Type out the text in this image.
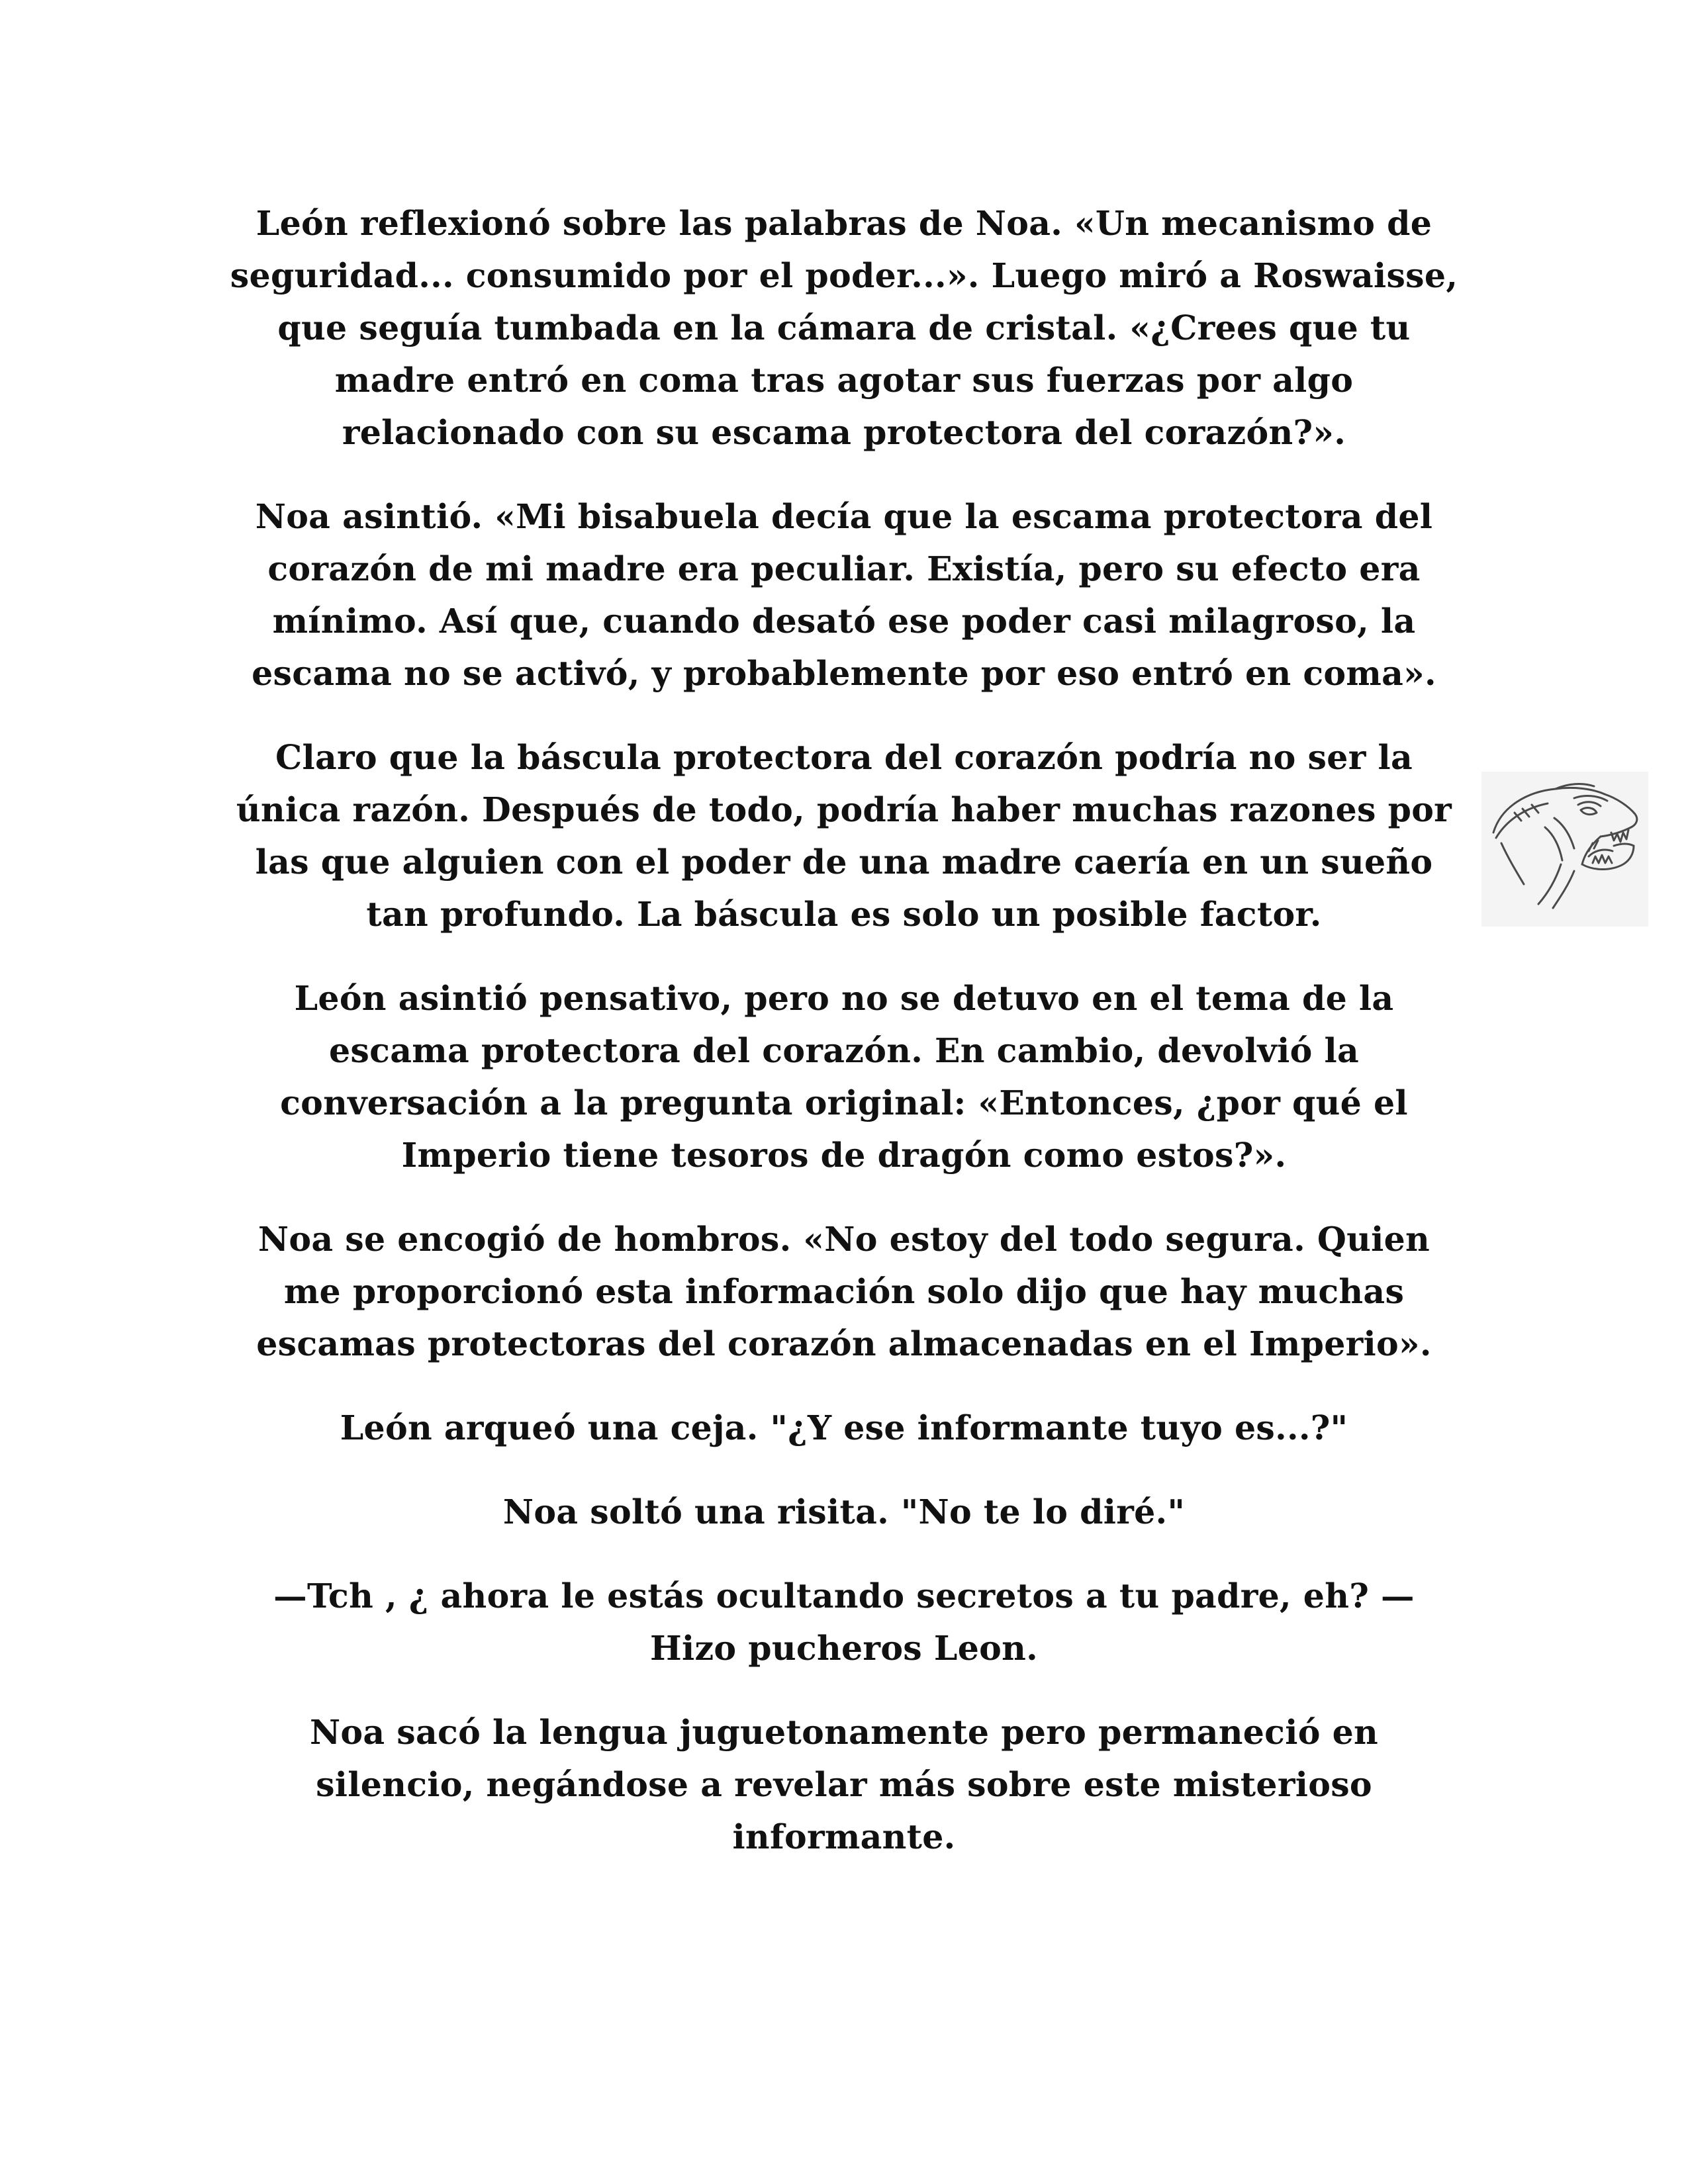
León reflexionó sobre las palabras de Noa. «Un mecanismo de seguridad... consumido por el poder...». Luego miró a Roswaisse, que seguía tumbada en la cámara de cristal. «¿Crees que tu madre entró en coma tras agotar sus fuerzas por algo relacionado con su escama protectora del corazón?».

Noa asintió. «Mi bisabuela decía que la escama protectora del corazón de mi madre era peculiar. Existía, pero su efecto era mínimo. Así que, cuando desató ese poder casi milagroso, la escama no se activó, y probablemente por eso entró en coma».

Claro que la báscula protectora del corazón podría no ser la única razón. Después de todo, podría haber muchas razones por las que alguien con el poder de una madre caería en un sueño tan profundo. La báscula es solo un posible factor.

León asintió pensativo, pero no se detuvo en el tema de la escama protectora del corazón. En cambio, devolvió la conversación a la pregunta original: «Entonces, ¿por qué el Imperio tiene tesoros de dragón como estos?».

Noa se encogió de hombros. «No estoy del todo segura. Quien me proporcionó esta información solo dijo que hay muchas escamas protectoras del corazón almacenadas en el Imperio».

León arqueó una ceja. "¿Y ese informante tuyo es...?"

Noa soltó una risita. "No te lo diré."

—Tch , ¿ ahora le estás ocultando secretos a tu padre, eh? — Hizo pucheros Leon.

Noa sacó la lengua juguetonamente pero permaneció en silencio, negándose a revelar más sobre este misterioso informante.
